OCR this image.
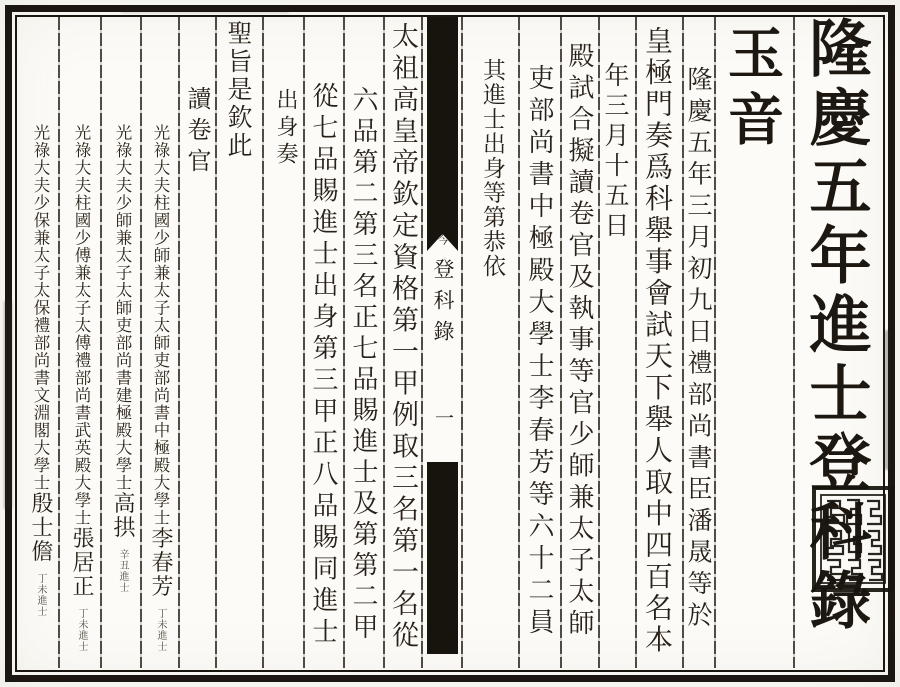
隆慶五年進士登科錄
玉音
隆慶五年三月初九日禮部尚書臣潘晟等於
皇極門奏爲科舉事會試天下舉人取中四百名本
年三月十五日
殿試合擬讀卷官及執事等官少師兼太子太師
吏部尚書中極殿大學士李春芳等六十二員
其進士出身等第恭依
太祖高皇帝欽定資格第一甲例取三名第一名從
六品第二第三名正七品賜進士及第第二甲
從七品賜進士出身第三甲正八品賜同進士
出身奏
聖旨是欽此
讀卷官
光祿大夫柱國少師兼太子太師吏部尚書中極殿大學士李春芳丁未進士
光祿大夫少師兼太子太師吏部尚書建極殿大學士高拱辛丑進士
光祿大夫柱國少傅兼太子太傅禮部尚書武英殿大學士張居正丁未進士
光祿大夫少保兼太子太保禮部尚書文淵閣大學士殷士儋丁未進士
今
登科錄
一
